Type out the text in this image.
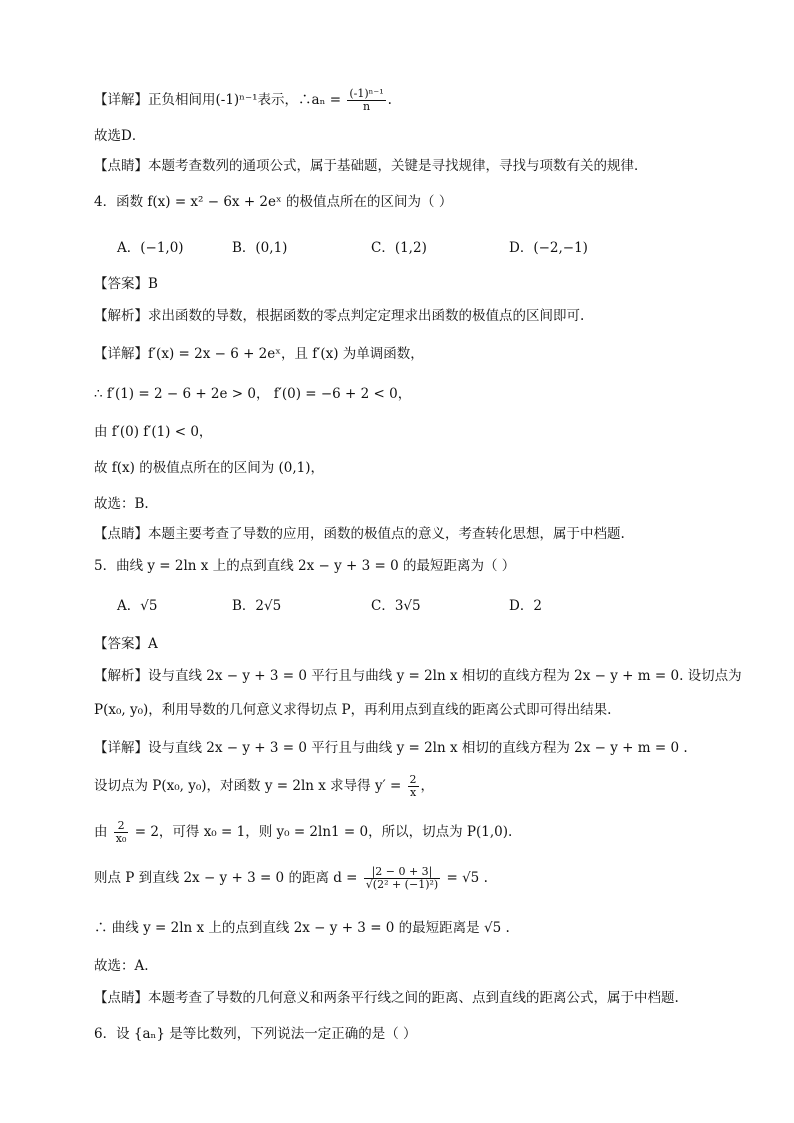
【详解】正负相间用(-1)ⁿ⁻¹表示，∴aₙ = $\frac{\text{(-1)ⁿ⁻¹}}{n}$ .
故选D．
【点睛】本题考查数列的通项公式，属于基础题，关键是寻找规律，寻找与项数有关的规律．
4．函数 f(x) = x² − 6x + 2eˣ 的极值点所在的区间为（ ）
A．(−1,0)	B．(0,1)	C．(1,2)	D．(−2,−1)
【答案】B
【解析】求出函数的导数，根据函数的零点判定定理求出函数的极值点的区间即可.
【详解】f′(x) = 2x − 6 + 2eˣ，且 f′(x) 为单调函数，
∴ f′(1) = 2 − 6 + 2e > 0， f′(0) = −6 + 2 < 0，
由 f′(0) f′(1) < 0，
故 f(x) 的极值点所在的区间为 (0,1)，
故选：B.
【点睛】本题主要考查了导数的应用，函数的极值点的意义，考查转化思想，属于中档题.
5．曲线 y = 2ln x 上的点到直线 2x − y + 3 = 0 的最短距离为（ ）
A．√5	B．2√5	C．3√5	D．2
【答案】A
【解析】设与直线 2x − y + 3 = 0 平行且与曲线 y = 2ln x 相切的直线方程为 2x − y + m = 0. 设切点为
P(x₀, y₀)，利用导数的几何意义求得切点 P，再利用点到直线的距离公式即可得出结果.
【详解】设与直线 2x − y + 3 = 0 平行且与曲线 y = 2ln x 相切的直线方程为 2x − y + m = 0 .
设切点为 P(x₀, y₀)，对函数 y = 2ln x 求导得 $y' = \frac{2}{x}$ ，
由 $\frac{2}{\text{x₀}} = 2$，可得 x₀ = 1，则 y₀ = 2ln1 = 0，所以，切点为 P(1,0).
则点 P 到直线 2x − y + 3 = 0 的距离 $d = \frac{|2 - 0 + 3|}{\text{√(2² + (−1)²)}} = √5$ .
∴ 曲线 y = 2ln x 上的点到直线 2x − y + 3 = 0 的最短距离是 √5 .
故选：A.
【点睛】本题考查了导数的几何意义和两条平行线之间的距离、点到直线的距离公式，属于中档题.
6．设 {aₙ} 是等比数列，下列说法一定正确的是（ ）
